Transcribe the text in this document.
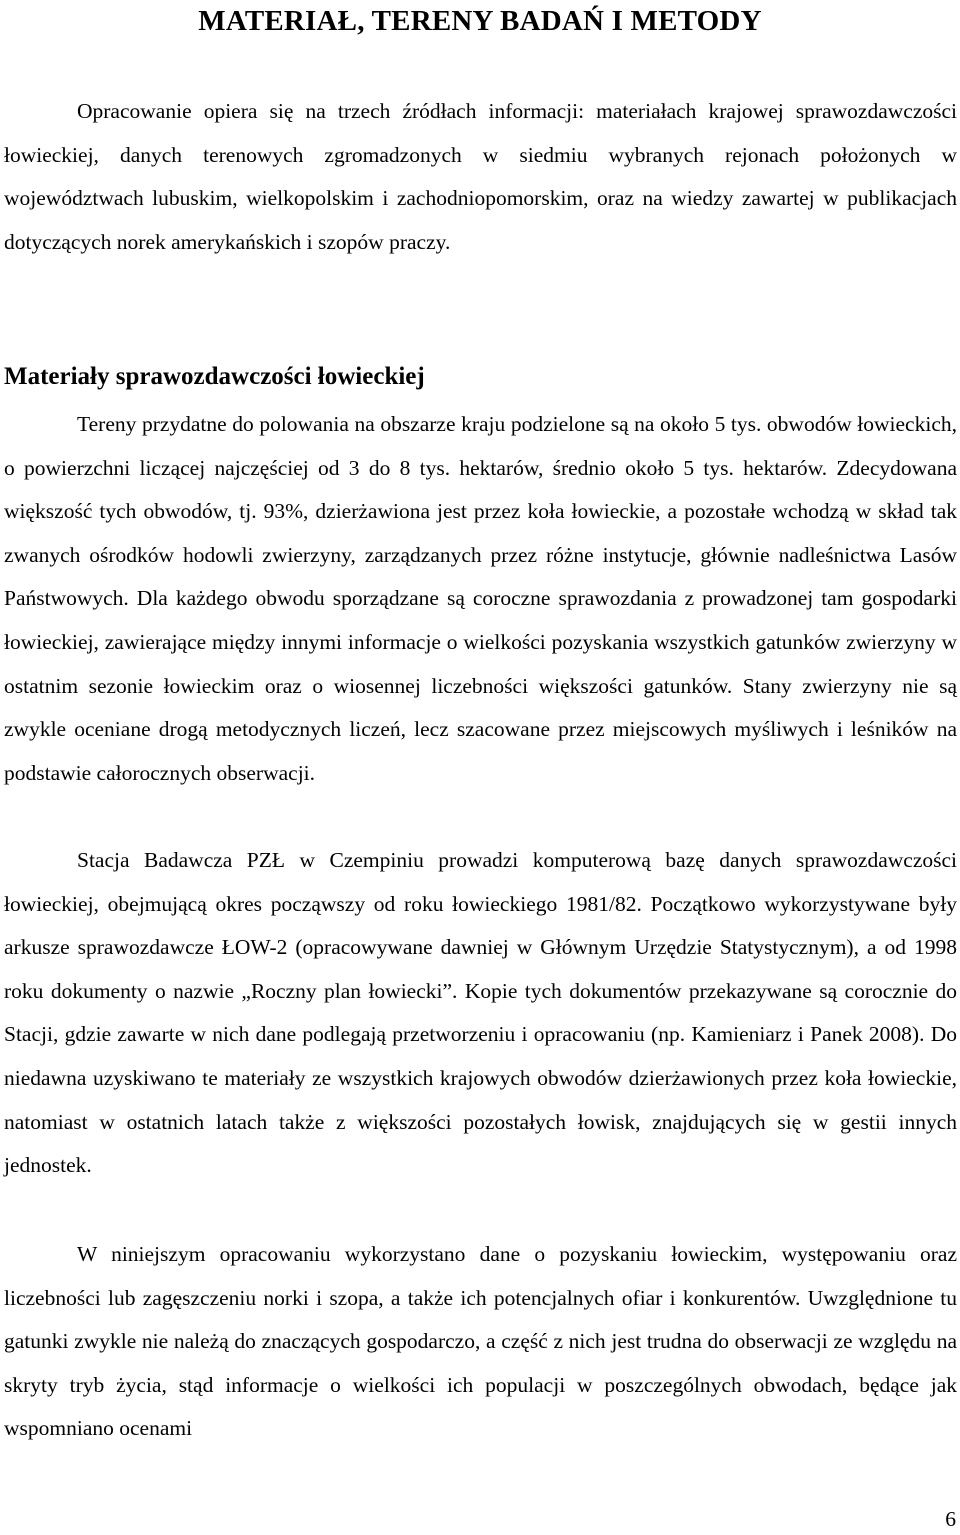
MATERIAŁ, TERENY BADAŃ I METODY

Opracowanie opiera się na trzech źródłach informacji: materiałach krajowej sprawozdawczości łowieckiej, danych terenowych zgromadzonych w siedmiu wybranych rejonach położonych w województwach lubuskim, wielkopolskim i zachodniopomorskim, oraz na wiedzy zawartej w publikacjach dotyczących norek amerykańskich i szopów praczy.

Materiały sprawozdawczości łowieckiej

Tereny przydatne do polowania na obszarze kraju podzielone są na około 5 tys. obwodów łowieckich, o powierzchni liczącej najczęściej od 3 do 8 tys. hektarów, średnio około 5 tys. hektarów. Zdecydowana większość tych obwodów, tj. 93%, dzierżawiona jest przez koła łowieckie, a pozostałe wchodzą w skład tak zwanych ośrodków hodowli zwierzyny, zarządzanych przez różne instytucje, głównie nadleśnictwa Lasów Państwowych. Dla każdego obwodu sporządzane są coroczne sprawozdania z prowadzonej tam gospodarki łowieckiej, zawierające między innymi informacje o wielkości pozyskania wszystkich gatunków zwierzyny w ostatnim sezonie łowieckim oraz o wiosennej liczebności większości gatunków. Stany zwierzyny nie są zwykle oceniane drogą metodycznych liczeń, lecz szacowane przez miejscowych myśliwych i leśników na podstawie całorocznych obserwacji.

Stacja Badawcza PZŁ w Czempiniu prowadzi komputerową bazę danych sprawozdawczości łowieckiej, obejmującą okres począwszy od roku łowieckiego 1981/82. Początkowo wykorzystywane były arkusze sprawozdawcze ŁOW-2 (opracowywane dawniej w Głównym Urzędzie Statystycznym), a od 1998 roku dokumenty o nazwie „Roczny plan łowiecki”. Kopie tych dokumentów przekazywane są corocznie do Stacji, gdzie zawarte w nich dane podlegają przetworzeniu i opracowaniu (np. Kamieniarz i Panek 2008). Do niedawna uzyskiwano te materiały ze wszystkich krajowych obwodów dzierżawionych przez koła łowieckie, natomiast w ostatnich latach także z większości pozostałych łowisk, znajdujących się w gestii innych jednostek.

W niniejszym opracowaniu wykorzystano dane o pozyskaniu łowieckim, występowaniu oraz liczebności lub zagęszczeniu norki i szopa, a także ich potencjalnych ofiar i konkurentów. Uwzględnione tu gatunki zwykle nie należą do znaczących gospodarczo, a część z nich jest trudna do obserwacji ze względu na skryty tryb życia, stąd informacje o wielkości ich populacji w poszczególnych obwodach, będące jak wspomniano ocenami

6
